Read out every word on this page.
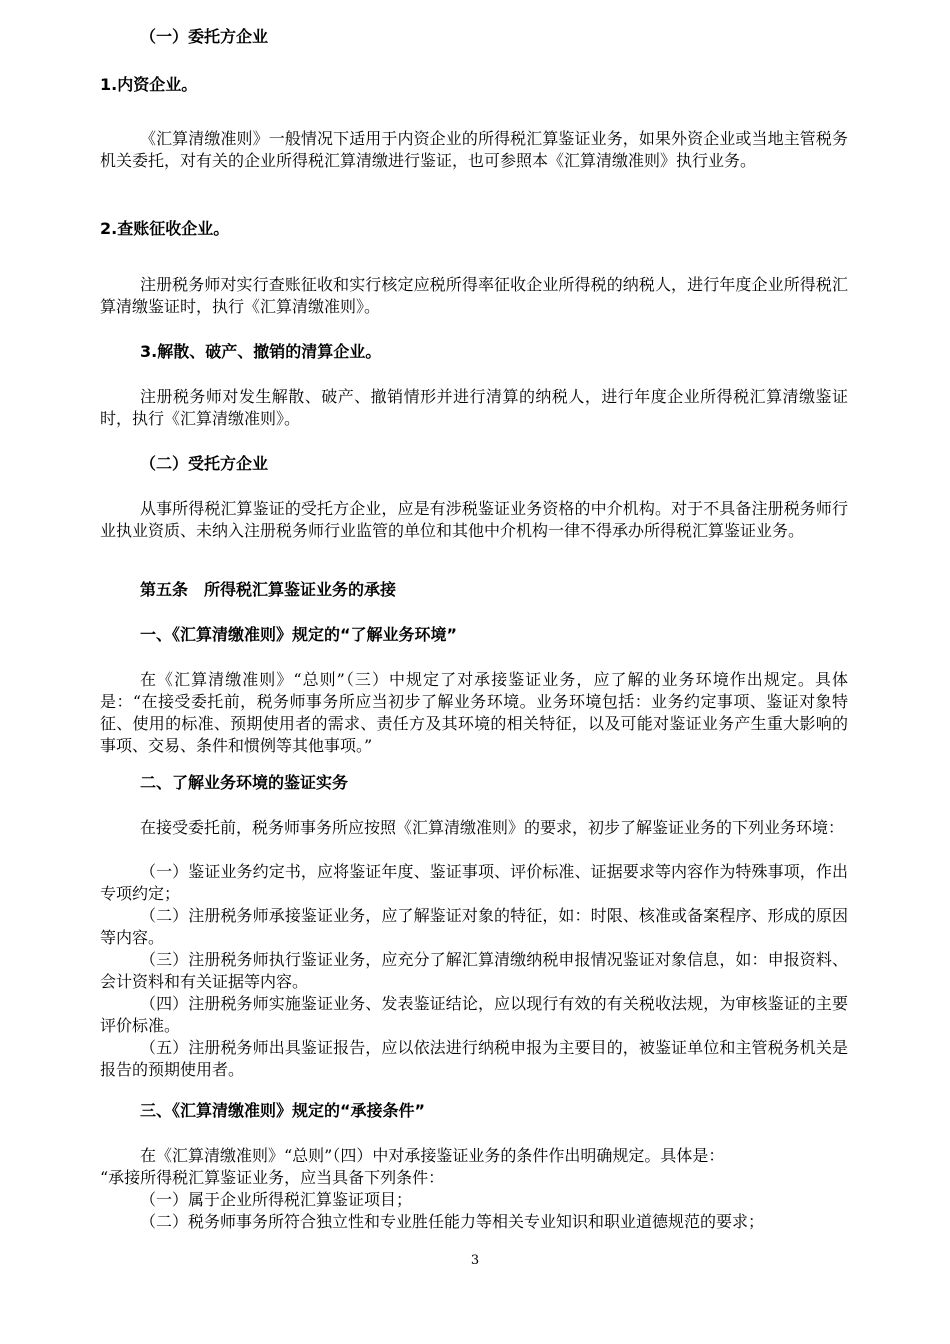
（一）委托方企业
1.内资企业。
《汇算清缴准则》一般情况下适用于内资企业的所得税汇算鉴证业务，如果外资企业或当地主管税务机关委托，对有关的企业所得税汇算清缴进行鉴证，也可参照本《汇算清缴准则》执行业务。
2.查账征收企业。
注册税务师对实行查账征收和实行核定应税所得率征收企业所得税的纳税人，进行年度企业所得税汇算清缴鉴证时，执行《汇算清缴准则》。
3.解散、破产、撤销的清算企业。
注册税务师对发生解散、破产、撤销情形并进行清算的纳税人，进行年度企业所得税汇算清缴鉴证时，执行《汇算清缴准则》。
（二）受托方企业
从事所得税汇算鉴证的受托方企业，应是有涉税鉴证业务资格的中介机构。对于不具备注册税务师行业执业资质、未纳入注册税务师行业监管的单位和其他中介机构一律不得承办所得税汇算鉴证业务。
第五条　所得税汇算鉴证业务的承接
一、《汇算清缴准则》规定的“了解业务环境”
在《汇算清缴准则》“总则”（三）中规定了对承接鉴证业务，应了解的业务环境作出规定。具体是：“在接受委托前，税务师事务所应当初步了解业务环境。业务环境包括：业务约定事项、鉴证对象特征、使用的标准、预期使用者的需求、责任方及其环境的相关特征，以及可能对鉴证业务产生重大影响的事项、交易、条件和惯例等其他事项。”
二、了解业务环境的鉴证实务
在接受委托前，税务师事务所应按照《汇算清缴准则》的要求，初步了解鉴证业务的下列业务环境：
（一）鉴证业务约定书，应将鉴证年度、鉴证事项、评价标准、证据要求等内容作为特殊事项，作出专项约定；
（二）注册税务师承接鉴证业务，应了解鉴证对象的特征，如：时限、核准或备案程序、形成的原因等内容。
（三）注册税务师执行鉴证业务，应充分了解汇算清缴纳税申报情况鉴证对象信息，如：申报资料、会计资料和有关证据等内容。
（四）注册税务师实施鉴证业务、发表鉴证结论，应以现行有效的有关税收法规，为审核鉴证的主要评价标准。
（五）注册税务师出具鉴证报告，应以依法进行纳税申报为主要目的，被鉴证单位和主管税务机关是报告的预期使用者。
三、《汇算清缴准则》规定的“承接条件”
在《汇算清缴准则》“总则”（四）中对承接鉴证业务的条件作出明确规定。具体是：
“承接所得税汇算鉴证业务，应当具备下列条件：
（一）属于企业所得税汇算鉴证项目；
（二）税务师事务所符合独立性和专业胜任能力等相关专业知识和职业道德规范的要求；
3
